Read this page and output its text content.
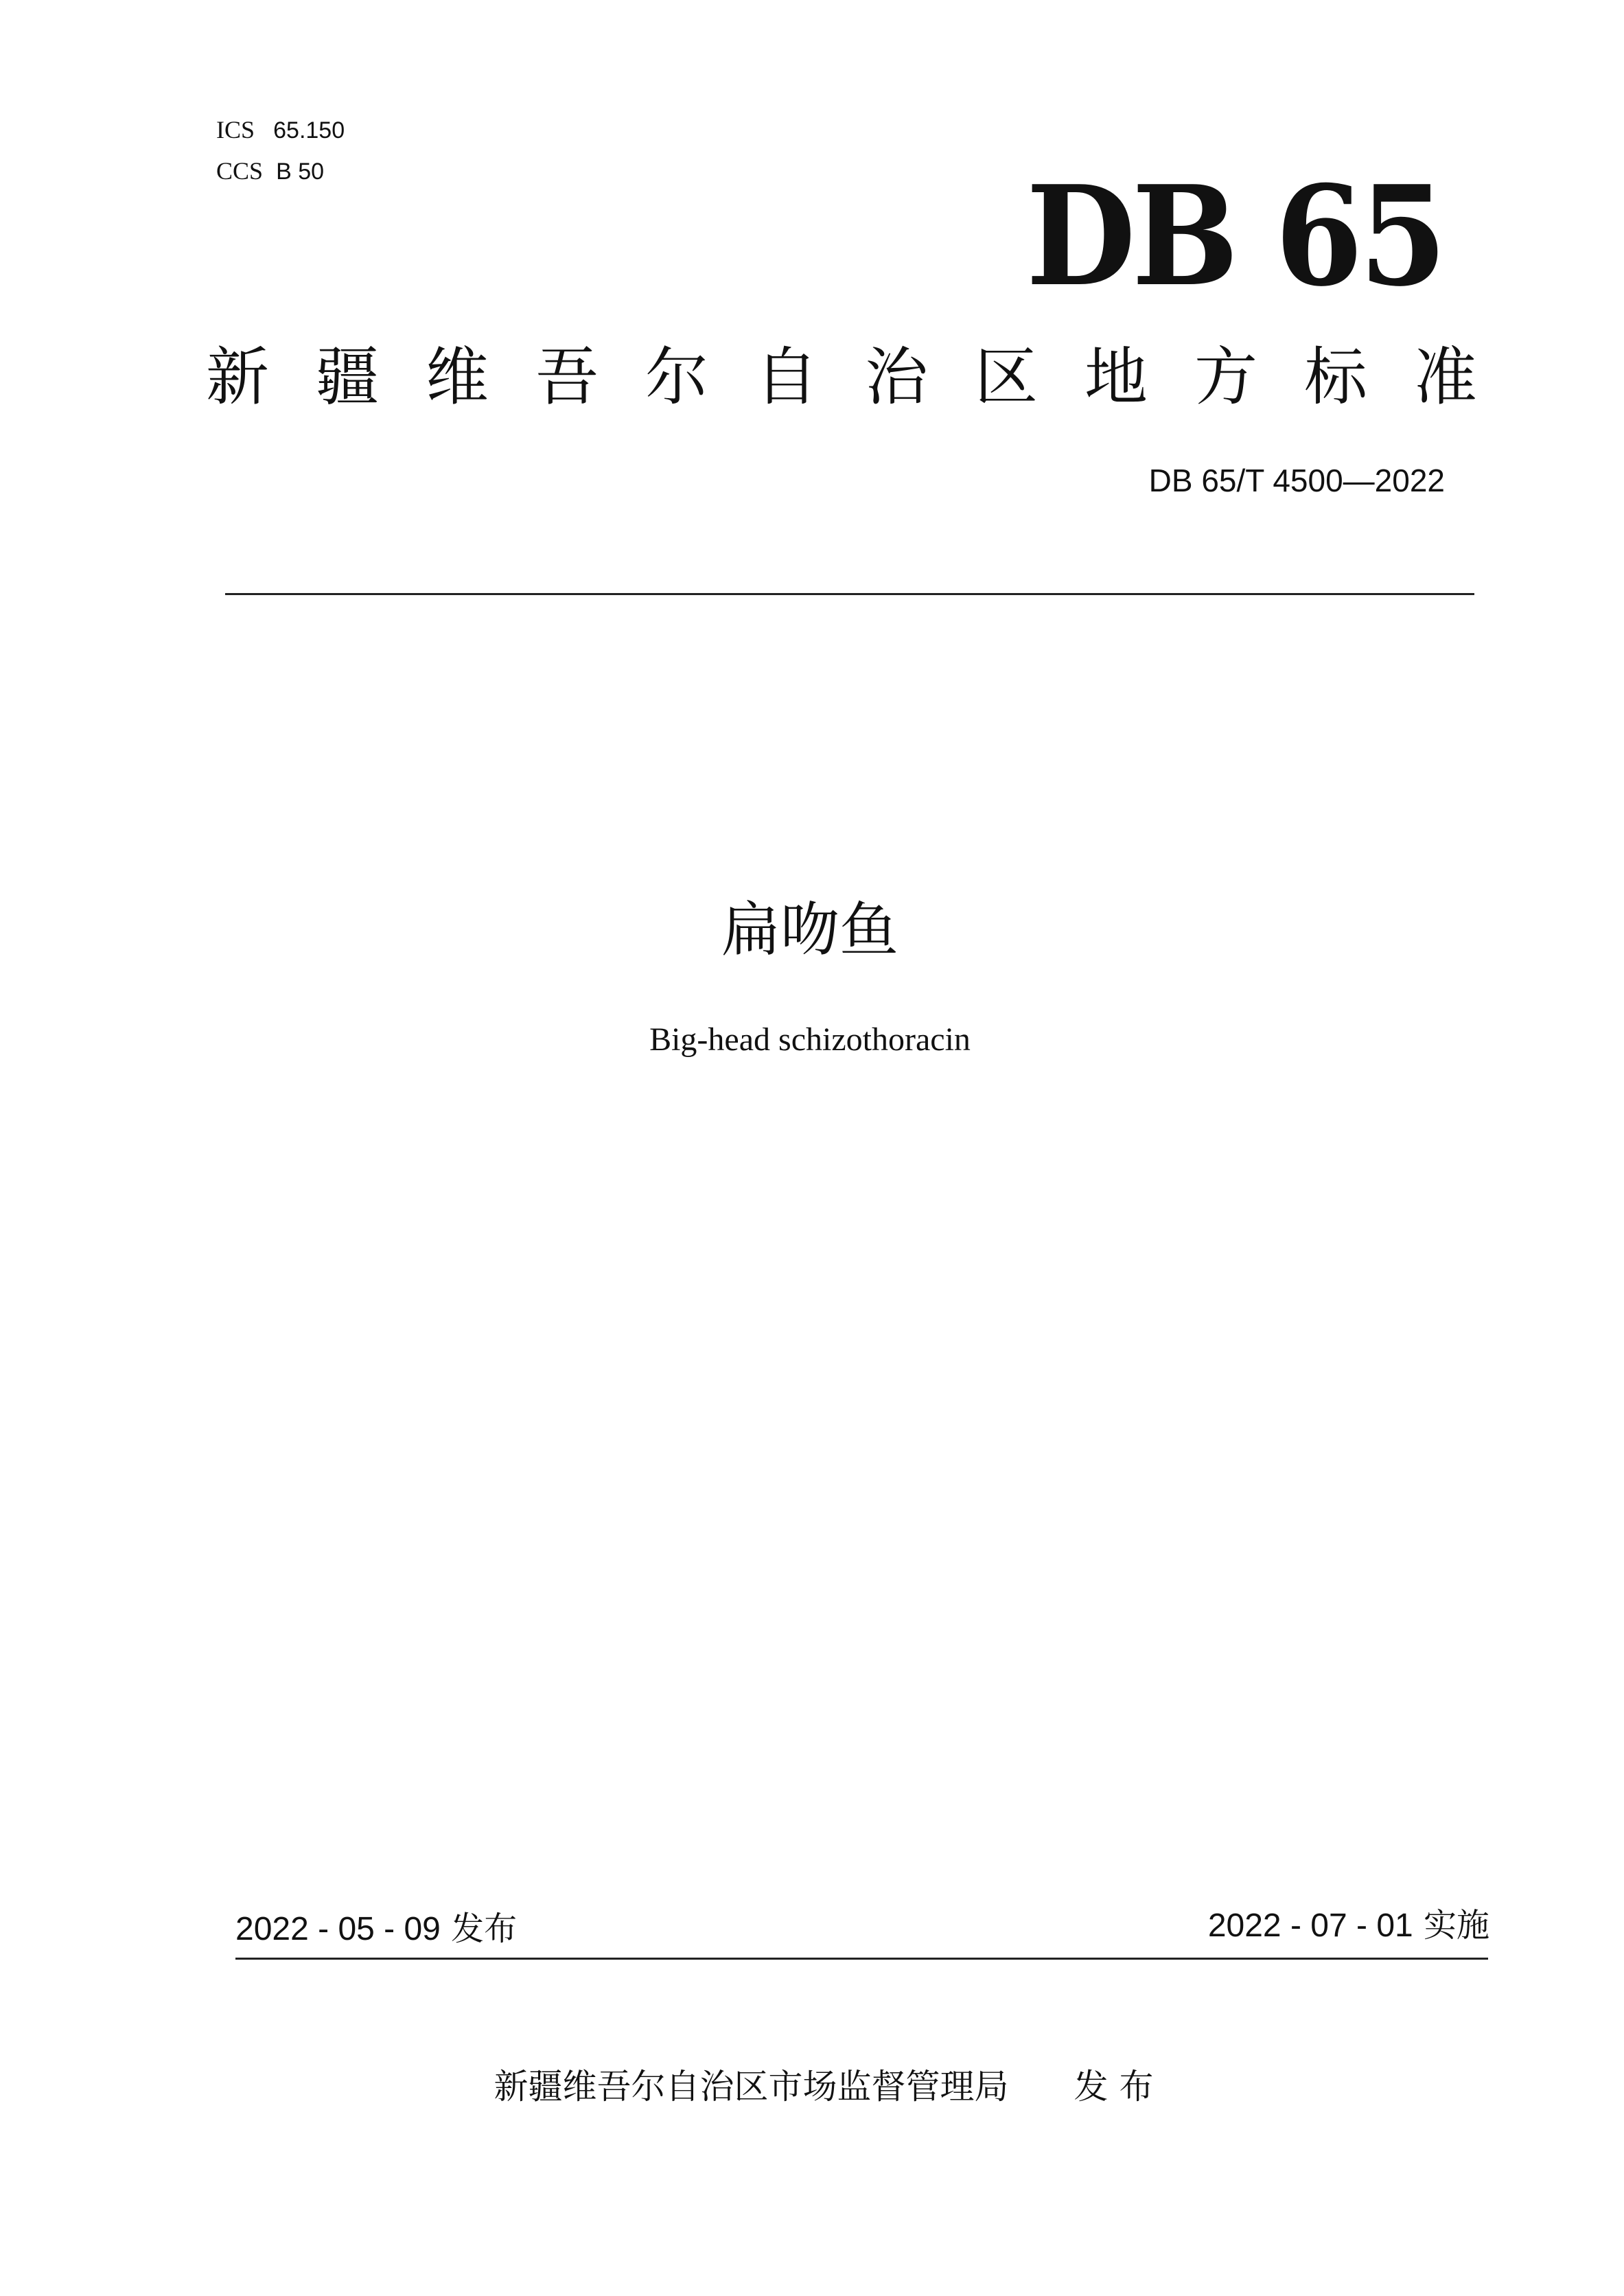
ICS 65.150
CCS B 50	DB 65
新疆维吾尔自治区地方标准
DB 65/T 4500—2022
扁吻鱼
Big-head schizothoracin
2022 - 05 - 09 发布	2022 - 07 - 01 实施
新疆维吾尔自治区市场监督管理局 发 布
